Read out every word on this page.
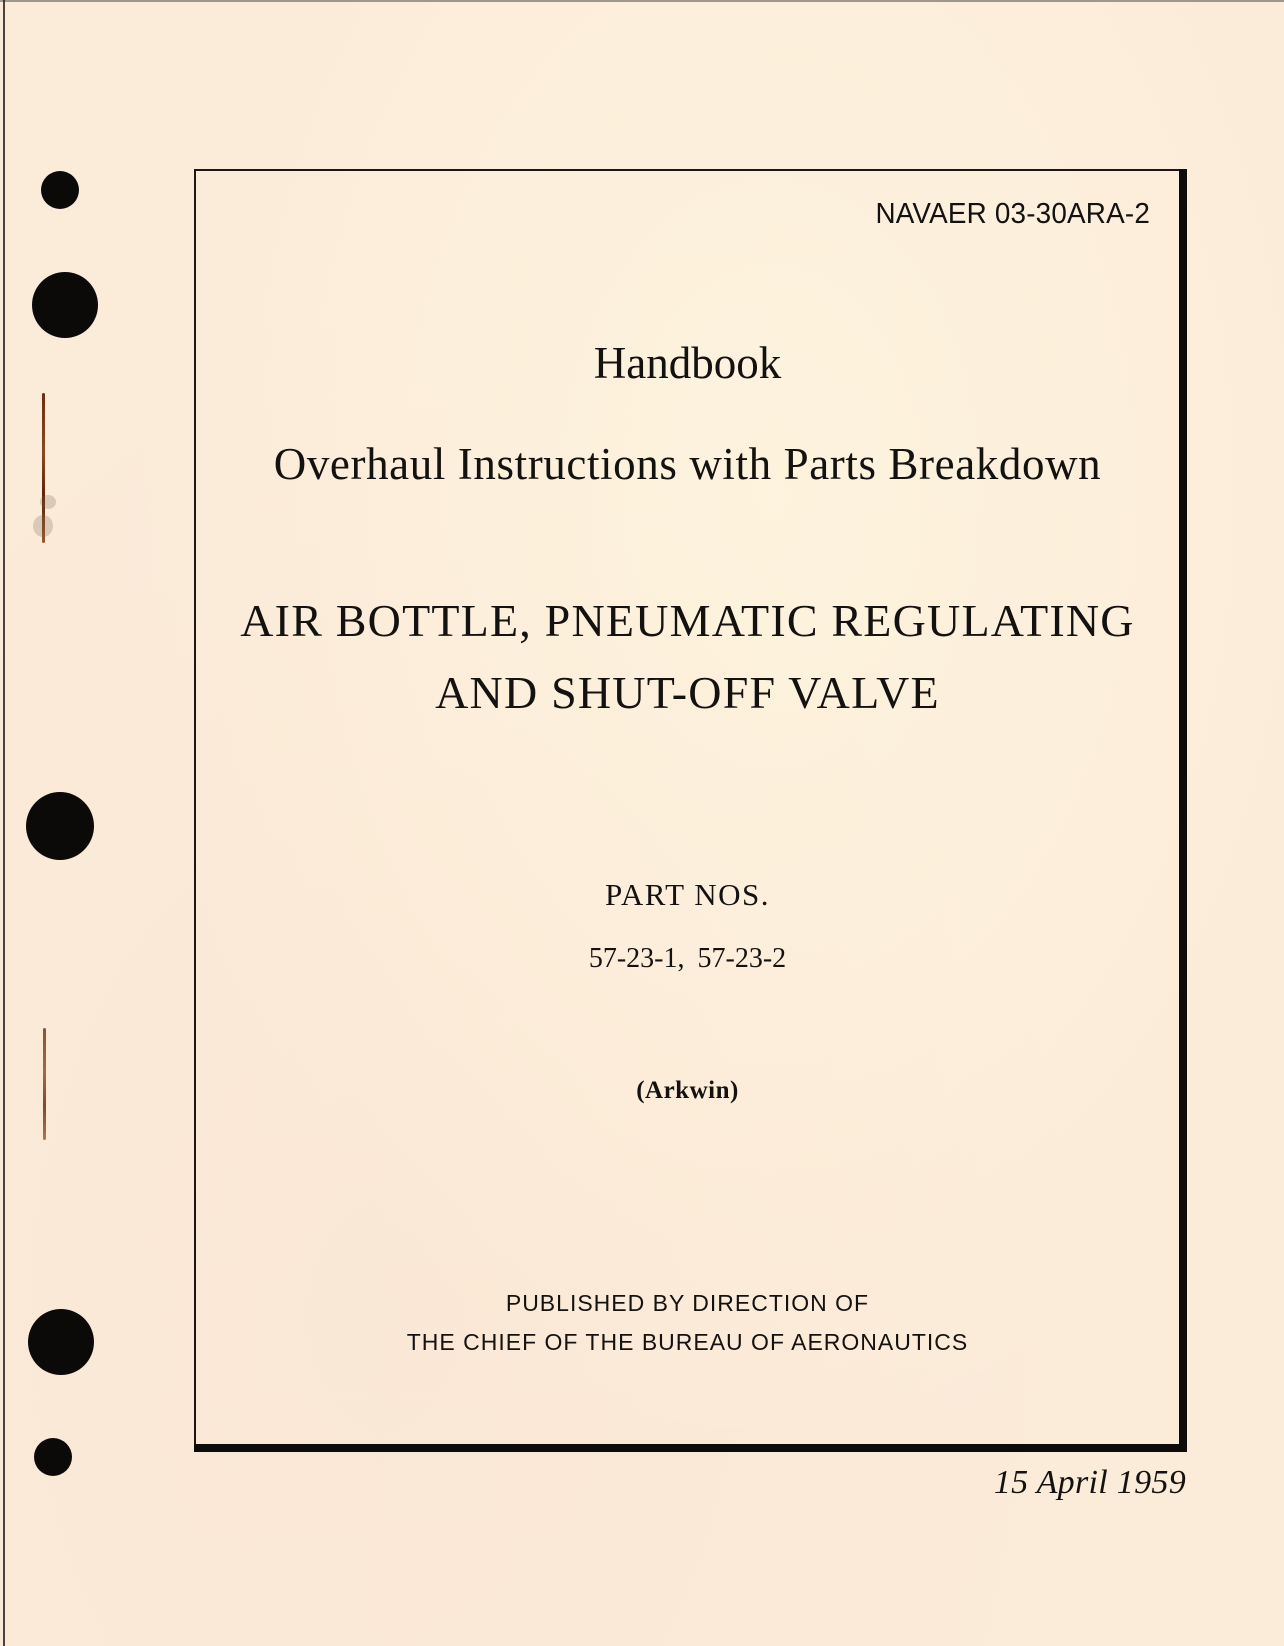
NAVAER 03-30ARA-2
Handbook
Overhaul Instructions with Parts Breakdown
AIR BOTTLE, PNEUMATIC REGULATING
AND SHUT-OFF VALVE
PART NOS.
57-23-1, 57-23-2
(Arkwin)
PUBLISHED BY DIRECTION OF
THE CHIEF OF THE BUREAU OF AERONAUTICS
15 April 1959
